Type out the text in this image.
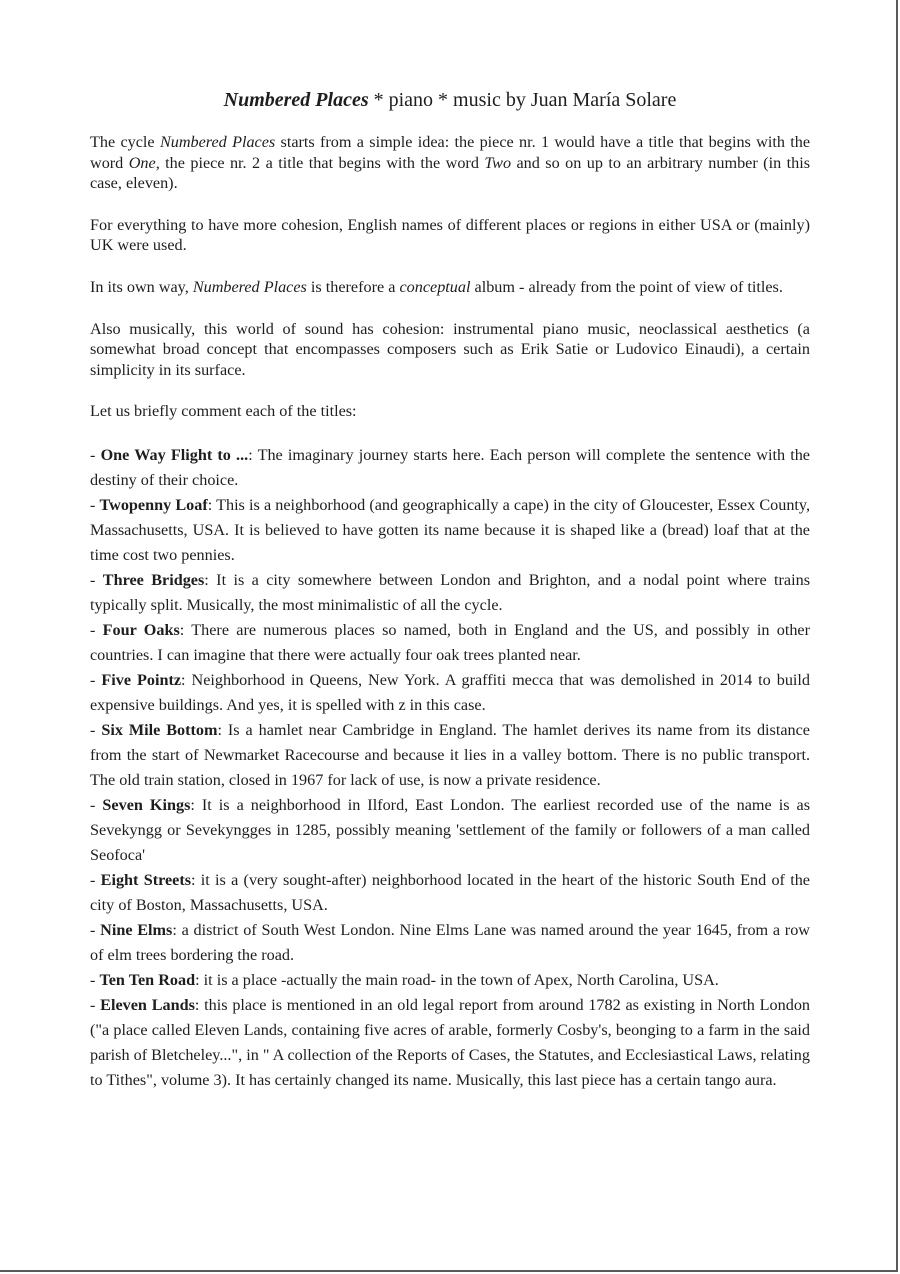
Numbered Places * piano * music by Juan María Solare

The cycle Numbered Places starts from a simple idea: the piece nr. 1 would have a title that begins with the word One, the piece nr. 2 a title that begins with the word Two and so on up to an arbitrary number (in this case, eleven).

For everything to have more cohesion, English names of different places or regions in either USA or (mainly) UK were used.

In its own way, Numbered Places is therefore a conceptual album - already from the point of view of titles.

Also musically, this world of sound has cohesion: instrumental piano music, neoclassical aesthetics (a somewhat broad concept that encompasses composers such as Erik Satie or Ludovico Einaudi), a certain simplicity in its surface.

Let us briefly comment each of the titles:

- One Way Flight to ...: The imaginary journey starts here. Each person will complete the sentence with the destiny of their choice.

- Twopenny Loaf: This is a neighborhood (and geographically a cape) in the city of Gloucester, Essex County, Massachusetts, USA. It is believed to have gotten its name because it is shaped like a (bread) loaf that at the time cost two pennies.

- Three Bridges: It is a city somewhere between London and Brighton, and a nodal point where trains typically split. Musically, the most minimalistic of all the cycle.

- Four Oaks: There are numerous places so named, both in England and the US, and possibly in other countries. I can imagine that there were actually four oak trees planted near.

- Five Pointz: Neighborhood in Queens, New York. A graffiti mecca that was demolished in 2014 to build expensive buildings. And yes, it is spelled with z in this case.

- Six Mile Bottom: Is a hamlet near Cambridge in England. The hamlet derives its name from its distance from the start of Newmarket Racecourse and because it lies in a valley bottom. There is no public transport. The old train station, closed in 1967 for lack of use, is now a private residence.

- Seven Kings: It is a neighborhood in Ilford, East London. The earliest recorded use of the name is as Sevekyngg or Sevekyngges in 1285, possibly meaning 'settlement of the family or followers of a man called Seofoca'

- Eight Streets: it is a (very sought-after) neighborhood located in the heart of the historic South End of the city of Boston, Massachusetts, USA.

- Nine Elms: a district of South West London. Nine Elms Lane was named around the year 1645, from a row of elm trees bordering the road.

- Ten Ten Road: it is a place -actually the main road- in the town of Apex, North Carolina, USA.

- Eleven Lands: this place is mentioned in an old legal report from around 1782 as existing in North London ("a place called Eleven Lands, containing five acres of arable, formerly Cosby's, beonging to a farm in the said parish of Bletcheley...", in " A collection of the Reports of Cases, the Statutes, and Ecclesiastical Laws, relating to Tithes", volume 3). It has certainly changed its name. Musically, this last piece has a certain tango aura.
